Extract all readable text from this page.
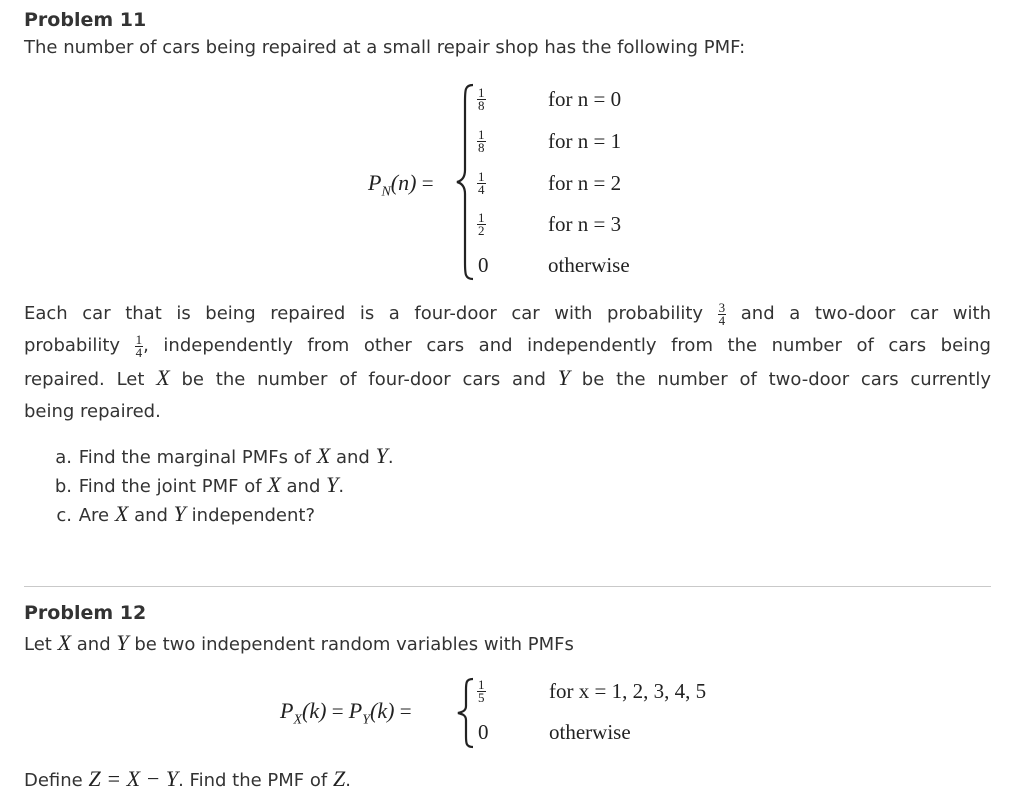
Problem 11
The number of cars being repaired at a small repair shop has the following PMF:
$P_N(n)$ =
$\frac{1}{8}$	for n = 0
$\frac{1}{8}$	for n = 1
$\frac{1}{4}$	for n = 2
$\frac{1}{2}$	for n = 3
0	otherwise
Each car that is being repaired is a four-door car with probability $\frac{3}{4}$ and a two-door car with
probability $\frac{1}{4}$ , independently from other cars and independently from the number of cars being
repaired. Let X be the number of four-door cars and Y be the number of two-door cars currently
being repaired.
a. Find the marginal PMFs of X and Y.
b. Find the joint PMF of X and Y.
c. Are X and Y independent?
Problem 12
Let X and Y be two independent random variables with PMFs
$P_X(k) = P_Y(k)$ =
$\frac{1}{5}$	for x = 1, 2, 3, 4, 5
0	otherwise
Define Z = X − Y. Find the PMF of Z.
